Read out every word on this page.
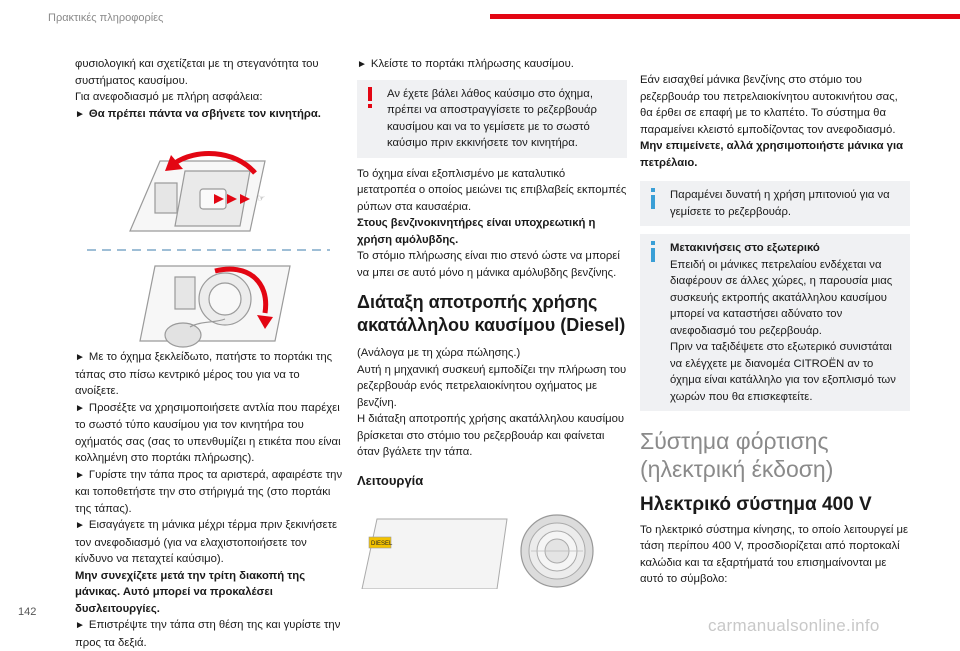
Πρακτικές πληροφορίες

φυσιολογική και σχετίζεται με τη στεγανότητα του συστήματος καυσίμου.

Για ανεφοδιασμό με πλήρη ασφάλεια:

► Θα πρέπει πάντα να σβήνετε τον κινητήρα.

☞

► Με το όχημα ξεκλείδωτο, πατήστε το πορτάκι της τάπας στο πίσω κεντρικό μέρος του για να το ανοίξετε.

► Προσέξτε να χρησιμοποιήσετε αντλία που παρέχει το σωστό τύπο καυσίμου για τον κινητήρα του οχήματός σας (σας το υπενθυμίζει η ετικέτα που είναι κολλημένη στο πορτάκι πλήρωσης).

► Γυρίστε την τάπα προς τα αριστερά, αφαιρέστε την και τοποθετήστε την στο στήριγμά της (στο πορτάκι της τάπας).

► Εισαγάγετε τη μάνικα μέχρι τέρμα πριν ξεκινήσετε τον ανεφοδιασμό (για να ελαχιστοποιήσετε τον κίνδυνο να πεταχτεί καύσιμο).

Μην συνεχίζετε μετά την τρίτη διακοπή της μάνικας. Αυτό μπορεί να προκαλέσει δυσλειτουργίες.

► Επιστρέψτε την τάπα στη θέση της και γυρίστε την προς τα δεξιά.

► Κλείστε το πορτάκι πλήρωσης καυσίμου.

Αν έχετε βάλει λάθος καύσιμο στο όχημα, πρέπει να αποστραγγίσετε το ρεζερβουάρ καυσίμου και να το γεμίσετε με το σωστό καύσιμο πριν εκκινήσετε τον κινητήρα.

Το όχημα είναι εξοπλισμένο με καταλυτικό μετατροπέα ο οποίος μειώνει τις επιβλαβείς εκπομπές ρύπων στα καυσαέρια.

Στους βενζινοκινητήρες είναι υποχρεωτική η χρήση αμόλυβδης.

Το στόμιο πλήρωσης είναι πιο στενό ώστε να μπορεί να μπει σε αυτό μόνο η μάνικα αμόλυβδης βενζίνης.

Διάταξη αποτροπής χρήσης ακατάλληλου καυσίμου (Diesel)

(Ανάλογα με τη χώρα πώλησης.)
Αυτή η μηχανική συσκευή εμποδίζει την πλήρωση του ρεζερβουάρ ενός πετρελαιοκίνητου οχήματος με βενζίνη.
Η διάταξη αποτροπής χρήσης ακατάλληλου καυσίμου βρίσκεται στο στόμιο του ρεζερβουάρ και φαίνεται όταν βγάλετε την τάπα.

Λειτουργία
DIESEL

Εάν εισαχθεί μάνικα βενζίνης στο στόμιο του ρεζερβουάρ του πετρελαιοκίνητου αυτοκινήτου σας, θα έρθει σε επαφή με το κλαπέτο. Το σύστημα θα παραμείνει κλειστό εμποδίζοντας τον ανεφοδιασμό.

Μην επιμείνετε, αλλά χρησιμοποιήστε μάνικα για πετρέλαιο.

Παραμένει δυνατή η χρήση μπιτονιού για να γεμίσετε το ρεζερβουάρ.

Μετακινήσεις στο εξωτερικό

Επειδή οι μάνικες πετρελαίου ενδέχεται να διαφέρουν σε άλλες χώρες, η παρουσία μιας συσκευής εκτροπής ακατάλληλου καυσίμου μπορεί να καταστήσει αδύνατο τον ανεφοδιασμό του ρεζερβουάρ.
Πριν να ταξιδέψετε στο εξωτερικό συνιστάται να ελέγχετε με διανομέα CITROËN αν το όχημα είναι κατάλληλο για τον εξοπλισμό των χωρών που θα επισκεφτείτε.

Σύστημα φόρτισης (ηλεκτρική έκδοση)
Ηλεκτρικό σύστημα 400 V

Το ηλεκτρικό σύστημα κίνησης, το οποίο λειτουργεί με τάση περίπου 400 V, προσδιορίζεται από πορτοκαλί καλώδια και τα εξαρτήματά του επισημαίνονται με αυτό το σύμβολο:

142
carmanualsonline.info
